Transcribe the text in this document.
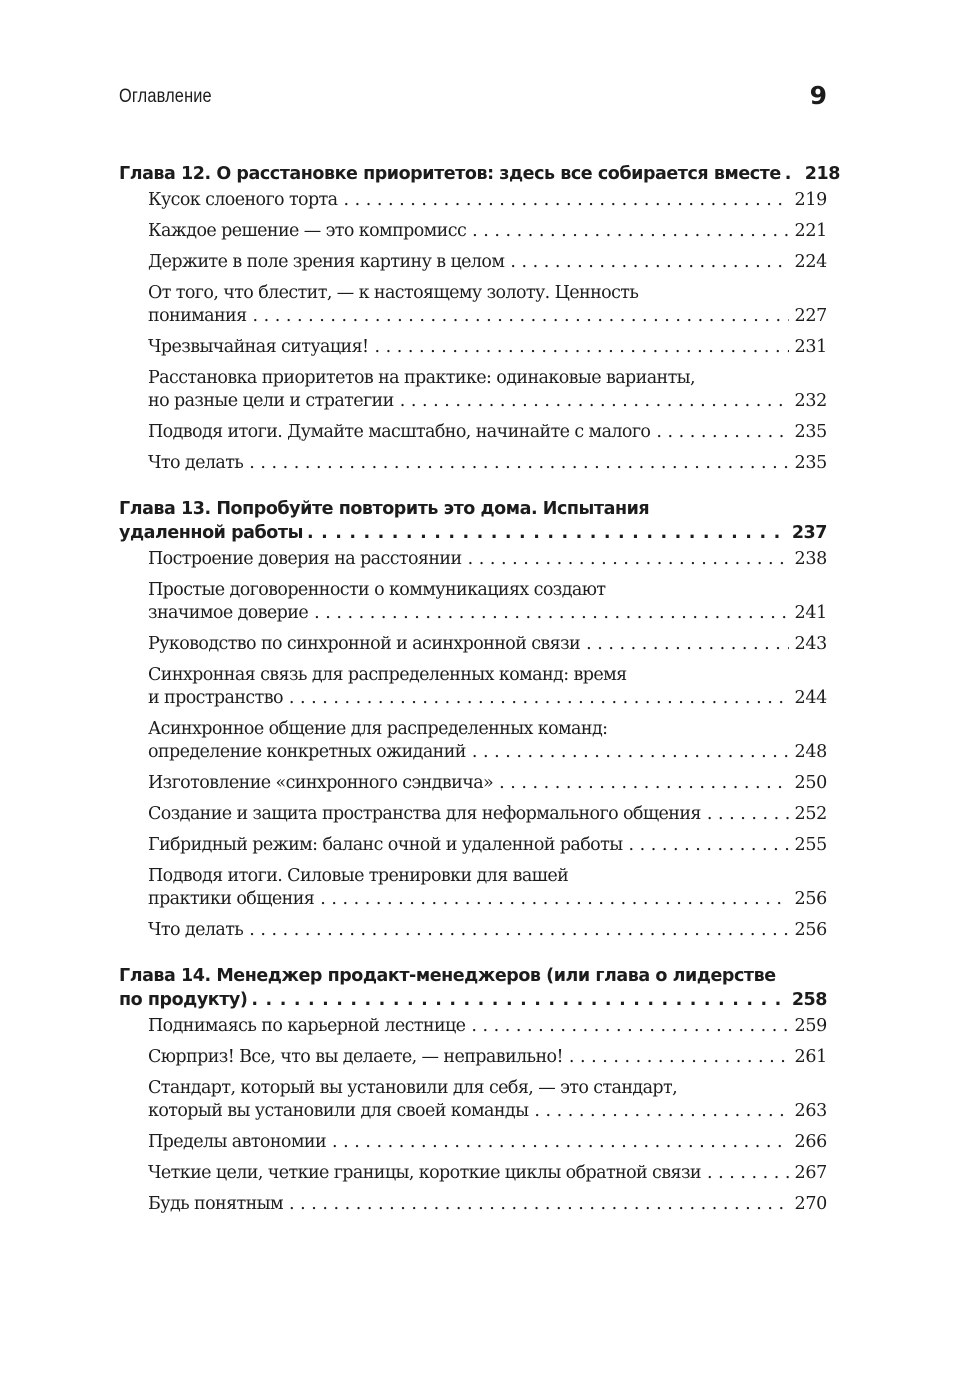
Оглавление	9
Глава 12. О расстановке приоритетов: здесь все собирается вместе . . . 218
Кусок слоеного торта . . .	219
Каждое решение — это компромисс . . .	221
Держите в поле зрения картину в целом . . .	224
От того, что блестит, — к настоящему золоту. Ценность
понимания . . .	227
Чрезвычайная ситуация! . . .	231
Расстановка приоритетов на практике: одинаковые варианты,
но разные цели и стратегии . . .	232
Подводя итоги. Думайте масштабно, начинайте с малого . . .	235
Что делать . . .	235
Глава 13. Попробуйте повторить это дома. Испытания
удаленной работы . . .	237
Построение доверия на расстоянии . . .	238
Простые договоренности о коммуникациях создают
значимое доверие . . .	241
Руководство по синхронной и асинхронной связи . . .	243
Синхронная связь для распределенных команд: время
и пространство . . .	244
Асинхронное общение для распределенных команд:
определение конкретных ожиданий . . .	248
Изготовление «синхронного сэндвича» . . .	250
Создание и защита пространства для неформального общения . . .	252
Гибридный режим: баланс очной и удаленной работы . . .	255
Подводя итоги. Силовые тренировки для вашей
практики общения . . .	256
Что делать . . .	256
Глава 14. Менеджер продакт-менеджеров (или глава о лидерстве
по продукту) . . .	258
Поднимаясь по карьерной лестнице . . .	259
Сюрприз! Все, что вы делаете, — неправильно! . . .	261
Стандарт, который вы установили для себя, — это стандарт,
который вы установили для своей команды . . .	263
Пределы автономии . . .	266
Четкие цели, четкие границы, короткие циклы обратной связи . . .	267
Будь понятным . . .	270
